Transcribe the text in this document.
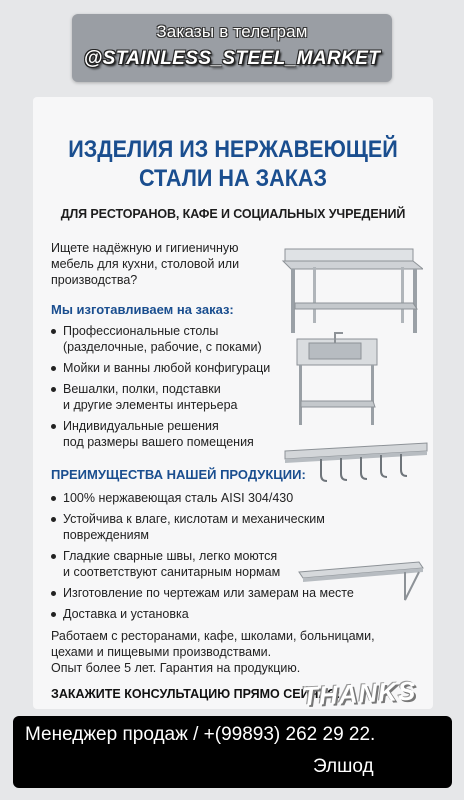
Заказы в телеграм
@STAINLESS_STEEL_MARKET
ИЗДЕЛИЯ ИЗ НЕРЖАВЕЮЩЕЙ
СТАЛИ НА ЗАКАЗ
ДЛЯ РЕСТОРАНОВ, КАФЕ И СОЦИАЛЬНЫХ УЧРЕДЕНИЙ
Ищете надёжную и гигиеничную мебель для кухни, столовой или производства?
Мы изготавливаем на заказ:
Профессиональные столы
(разделочные, рабочие, с поками)
Мойки и ванны любой конфигураци
Вешалки, полки, подставки
и другие элементы интерьера
Индивидуальные решения
под размеры вашего помещения
ПРЕИМУЩЕСТВА НАШЕЙ ПРОДУКЦИИ:
100% нержавеющая сталь AISI 304/430
Устойчива к влаге, кислотам и механическим
повреждениям
Гладкие сварные швы, легко моются
и соответствуют санитарным нормам
Изготовление по чертежам или замерам на месте
Доставка и установка
Работаем с ресторанами, кафе, школами, больницами,
цехами и пищевыми производствами.
Опыт более 5 лет. Гарантия на продукцию.
ЗАКАЖИТЕ КОНСУЛЬТАЦИЮ ПРЯМО СЕЙЧАС:
THANKS
Менеджер продаж / +(99893) 262 29 22.
Элшод
